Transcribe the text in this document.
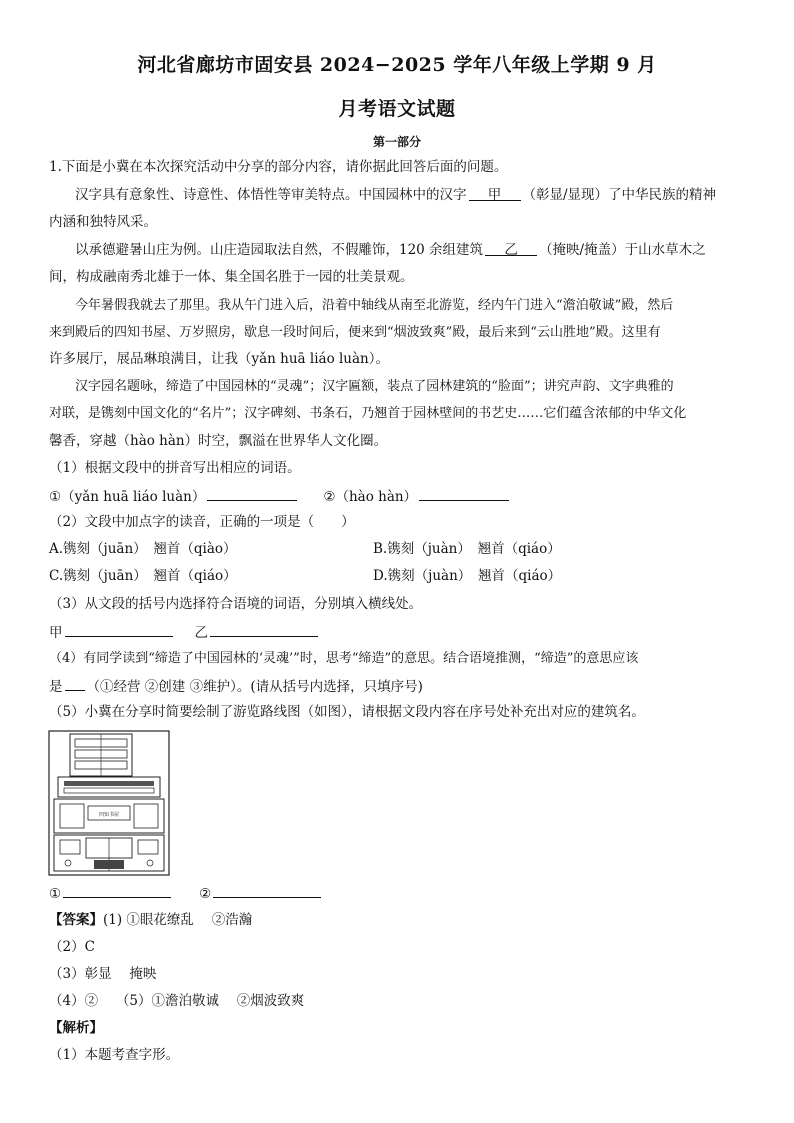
河北省廊坊市固安县 2024−2025 学年八年级上学期 9 月
月考语文试题
第一部分
1.下面是小冀在本次探究活动中分享的部分内容，请你据此回答后面的问题。
汉字具有意象性、诗意性、体悟性等审美特点。中国园林中的汉字 甲 （彰显/显现）了中华民族的精神
内涵和独特风采。
以承德避暑山庄为例。山庄造园取法自然，不假雕饰，120 余组建筑 乙 （掩映/掩盖）于山水草木之
间，构成融南秀北雄于一体、集全国名胜于一园的壮美景观。
今年暑假我就去了那里。我从午门进入后，沿着中轴线从南至北游览，经内午门进入“澹泊敬诚”殿，然后
来到殿后的四知书屋、万岁照房，歇息一段时间后，便来到“烟波致爽”殿，最后来到“云山胜地”殿。这里有
许多展厅，展品琳琅满目，让我（yǎn huā liáo luàn）。
汉字园名题咏，缔造了中国园林的“灵魂”；汉字匾额，装点了园林建筑的“脸面”；讲究声韵、文字典雅的
对联，是镌刻中国文化的“名片”；汉字碑刻、书条石，乃翘首于园林壁间的书艺史……它们蕴含浓郁的中华文化
馨香，穿越（hào hàn）时空，飘溢在世界华人文化圈。
（1）根据文段中的拼音写出相应的词语。
①（yǎn huā liáo luàn）	②（hào hàn）
（2）文段中加点字的读音，正确的一项是（　　）
A.镌刻（juān）　翘首（qiào）	B.镌刻（juàn）　翘首（qiáo）
C.镌刻（juān）　翘首（qiáo）	D.镌刻（juàn）　翘首（qiáo）
（3）从文段的括号内选择符合语境的词语，分别填入横线处。
甲	乙
（4）有同学读到“缔造了中国园林的‘灵魂’”时，思考“缔造”的意思。结合语境推测，“缔造”的意思应该
是 （①经营 ②创建 ③维护）。(请从括号内选择，只填序号)
（5）小冀在分享时简要绘制了游览路线图（如图），请根据文段内容在序号处补充出对应的建筑名。
四知书屋
①	②
【答案】(1) ①眼花缭乱　 ②浩瀚
（2）C
（3）彰显　 掩映
（4）②　 （5）①澹泊敬诚　 ②烟波致爽
【解析】
（1）本题考查字形。
